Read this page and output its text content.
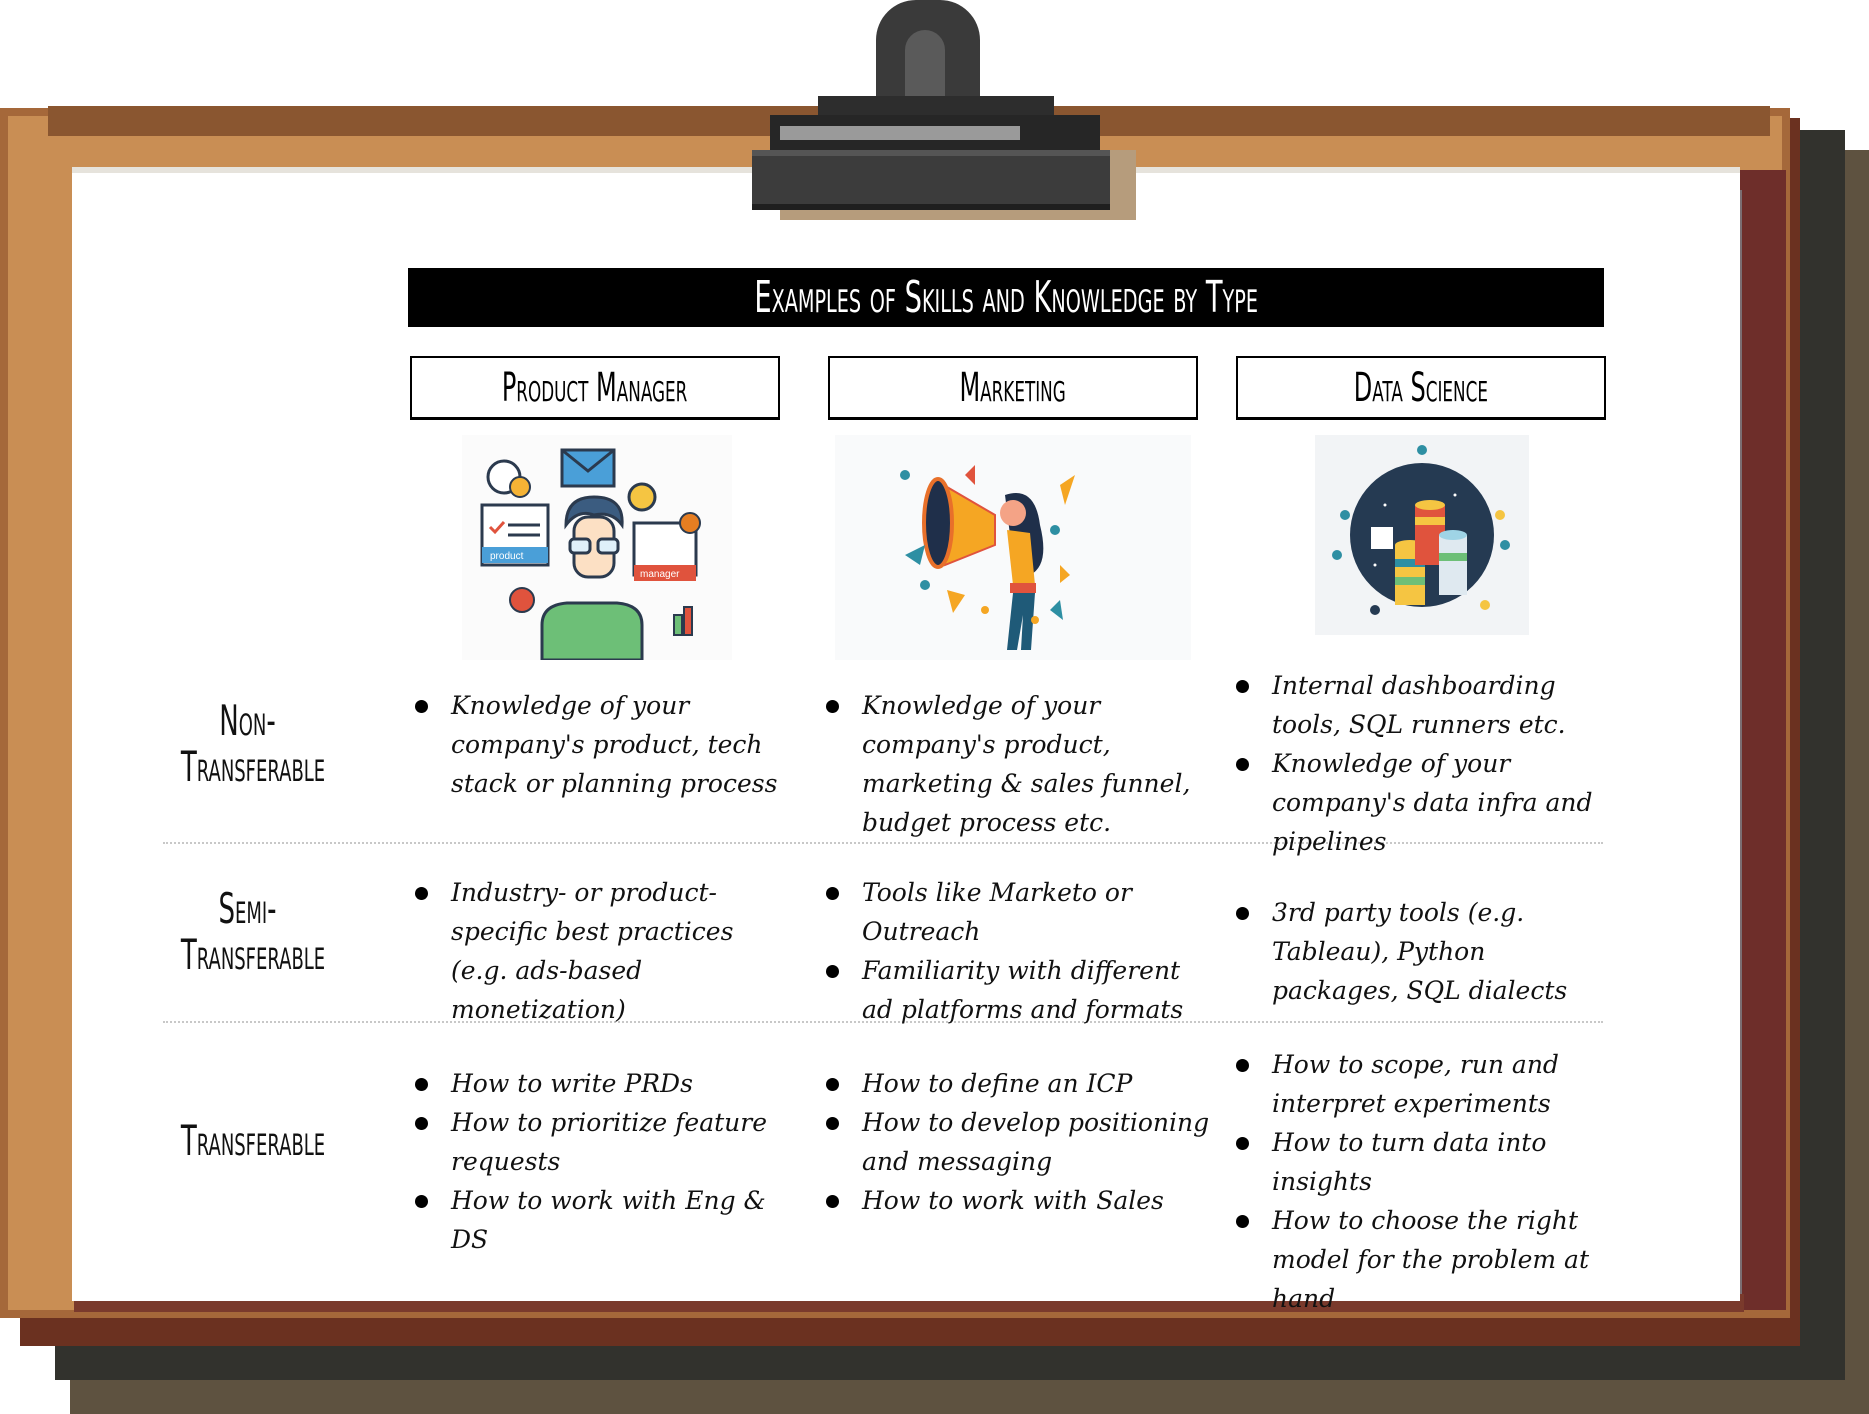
Examples of Skills and Knowledge by Type
Product Manager	Marketing	Data Science
product
manager
Non-
Transferable
Semi-
Transferable
Transferable
Knowledge of your company's product, tech stack or planning process
Knowledge of your company's product, marketing & sales funnel, budget process etc.
Internal dashboarding tools, SQL runners etc.
Knowledge of your company's data infra and pipelines
Industry- or product-specific best practices (e.g. ads-based monetization)
Tools like Marketo or Outreach
Familiarity with different ad platforms and formats
3rd party tools (e.g. Tableau), Python packages, SQL dialects
How to write PRDs
How to prioritize feature requests
How to work with Eng & DS
How to define an ICP
How to develop positioning and messaging
How to work with Sales
How to scope, run and interpret experiments
How to turn data into insights
How to choose the right model for the problem at hand
